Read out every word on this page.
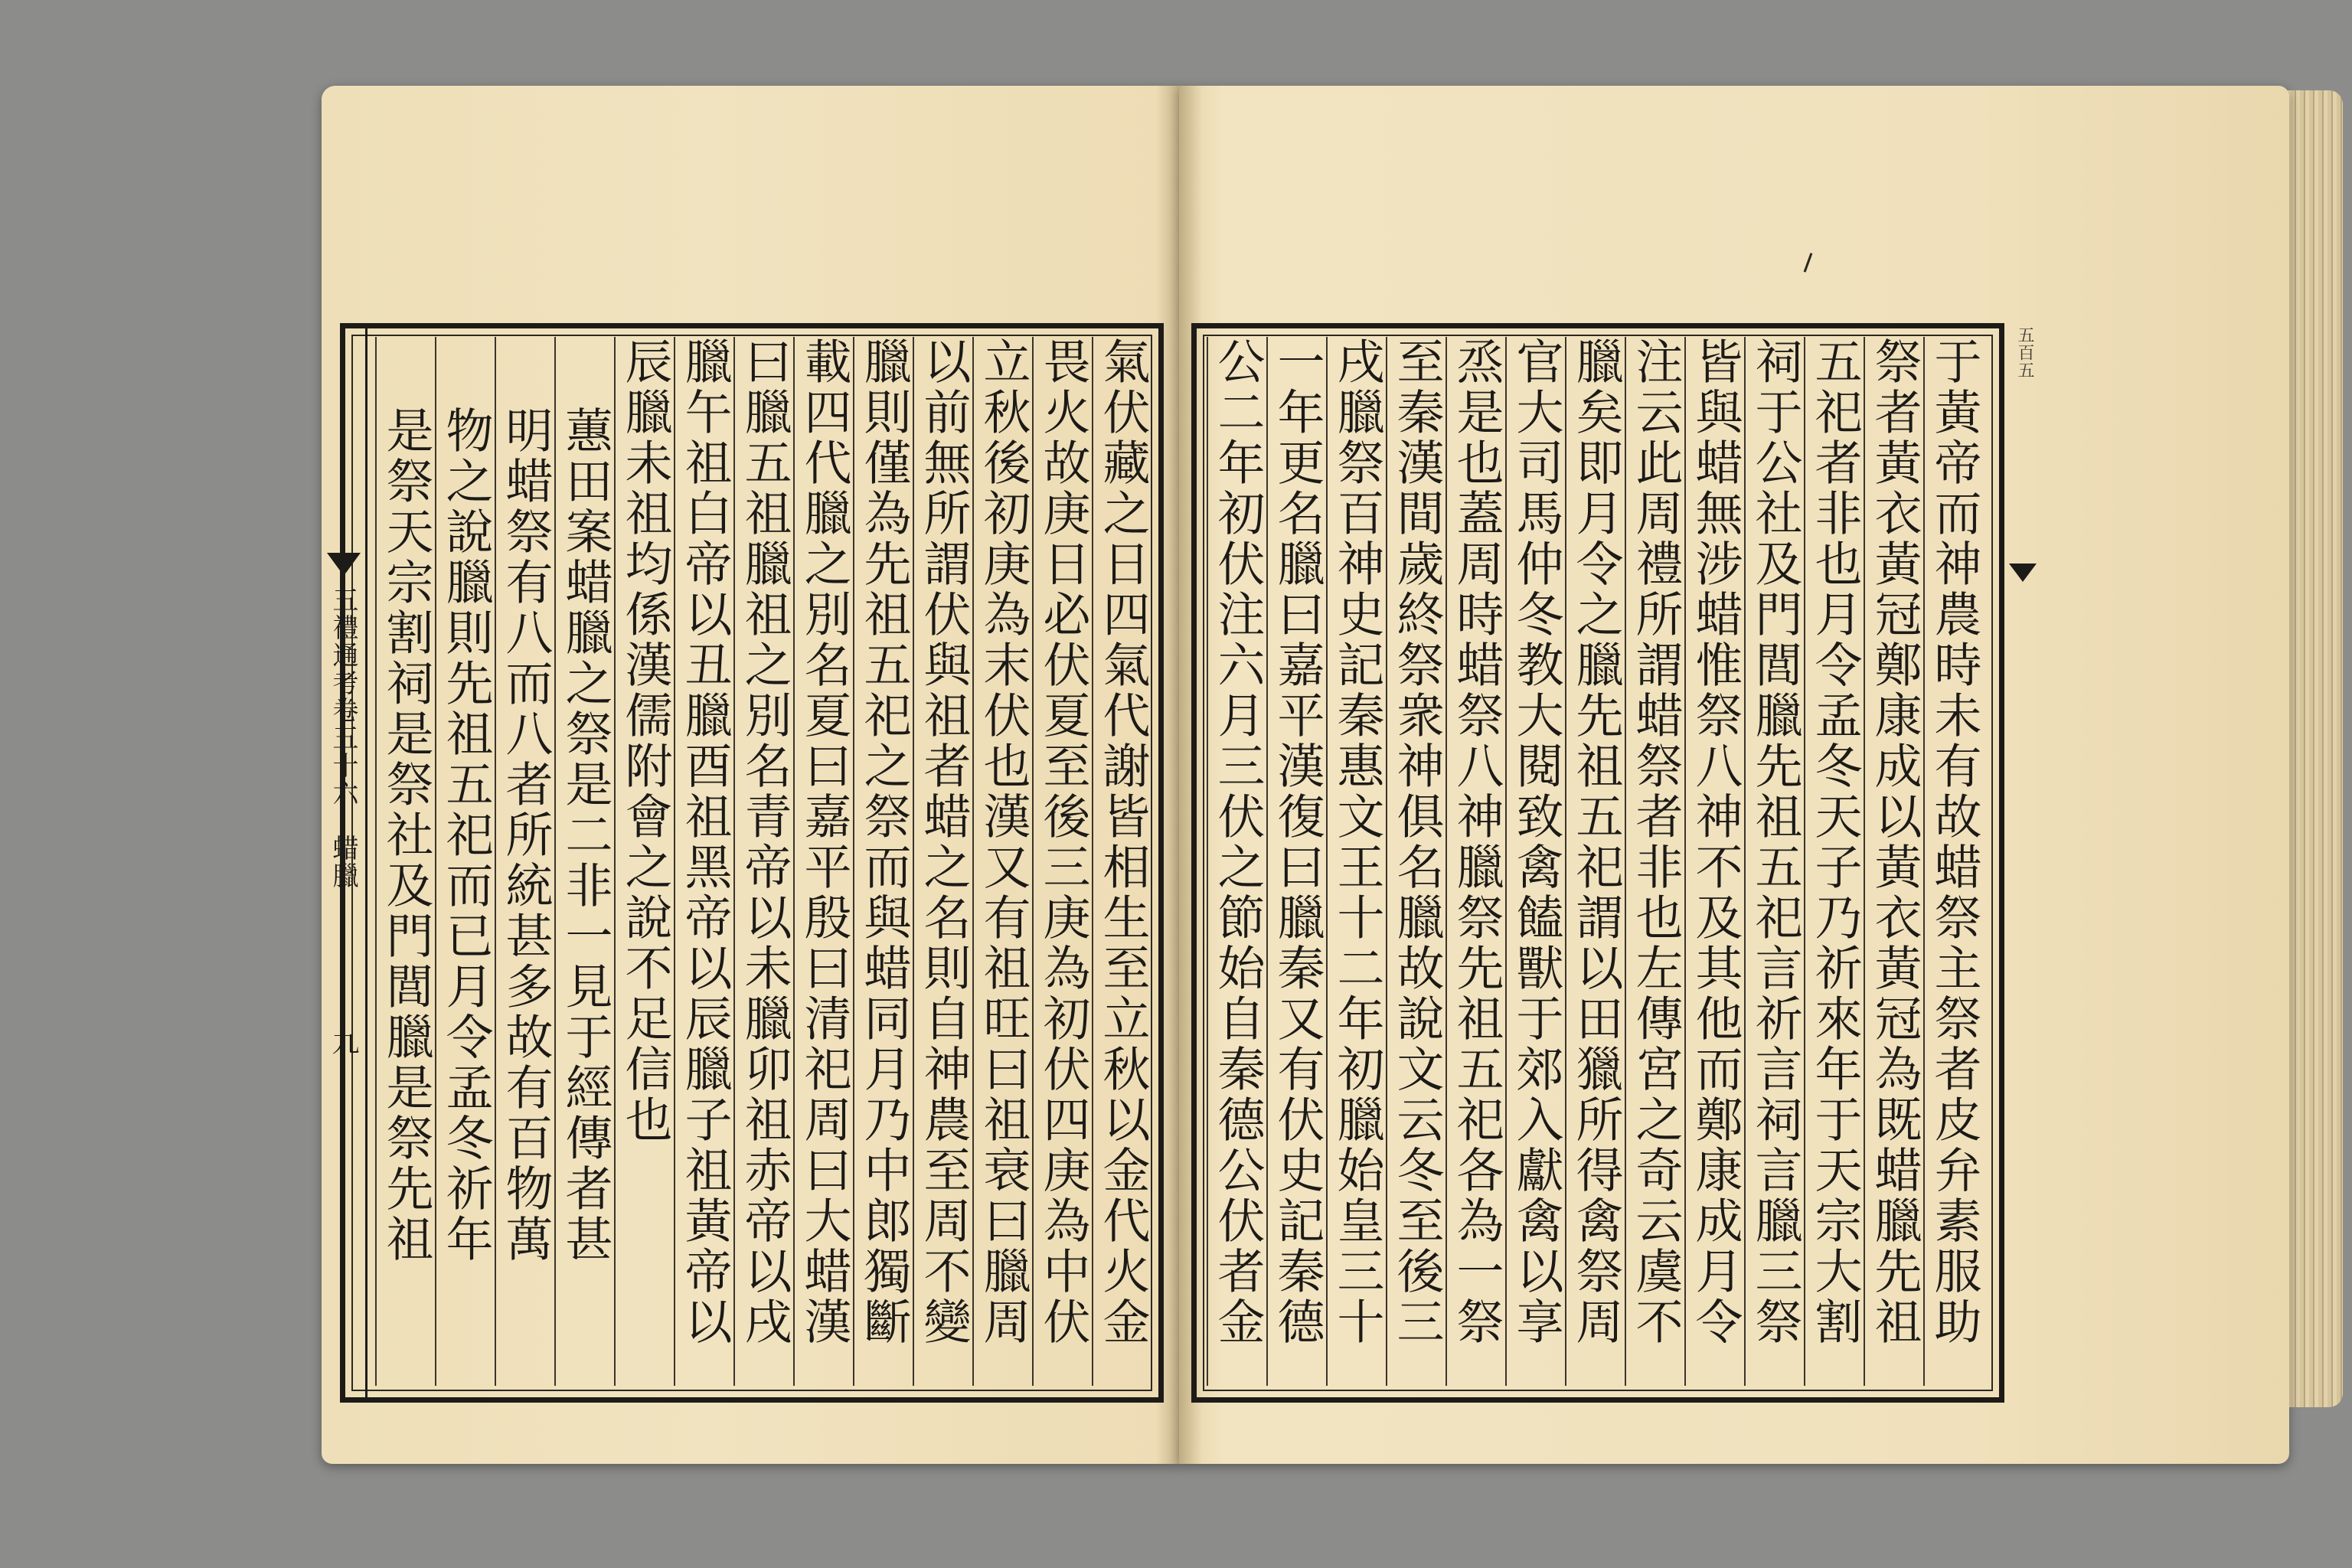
五禮通考卷五十六　蜡臘
九
五百五
氣伏藏之日四氣代謝皆相生至立秋以金代火金
畏火故庚日必伏夏至後三庚為初伏四庚為中伏
立秋後初庚為末伏也漢又有祖旺曰祖衰曰臘周
以前無所謂伏與祖者蜡之名則自神農至周不變
臘則僅為先祖五祀之祭而與蜡同月乃中郎獨斷
載四代臘之別名夏曰嘉平殷曰清祀周曰大蜡漢
曰臘五祖臘祖之別名青帝以未臘卯祖赤帝以戌
臘午祖白帝以丑臘酉祖黑帝以辰臘子祖黃帝以
辰臘未祖均係漢儒附會之說不足信也
蕙田案蜡臘之祭是二非一見于經傳者甚
明蜡祭有八而八者所統甚多故有百物萬
物之說臘則先祖五祀而已月令孟冬祈年
是祭天宗割祠是祭社及門閭臘是祭先祖	于黃帝而神農時未有故蜡祭主祭者皮弁素服助
祭者黃衣黃冠鄭康成以黃衣黃冠為既蜡臘先祖
五祀者非也月令孟冬天子乃祈來年于天宗大割
祠于公社及門閭臘先祖五祀言祈言祠言臘三祭
皆與蜡無涉蜡惟祭八神不及其他而鄭康成月令
注云此周禮所謂蜡祭者非也左傳宮之奇云虞不
臘矣即月令之臘先祖五祀謂以田獵所得禽祭周
官大司馬仲冬教大閱致禽饁獸于郊入獻禽以享
烝是也蓋周時蜡祭八神臘祭先祖五祀各為一祭
至秦漢間歲終祭衆神俱名臘故說文云冬至後三
戌臘祭百神史記秦惠文王十二年初臘始皇三十
一年更名臘曰嘉平漢復曰臘秦又有伏史記秦德
公二年初伏注六月三伏之節始自秦德公伏者金
